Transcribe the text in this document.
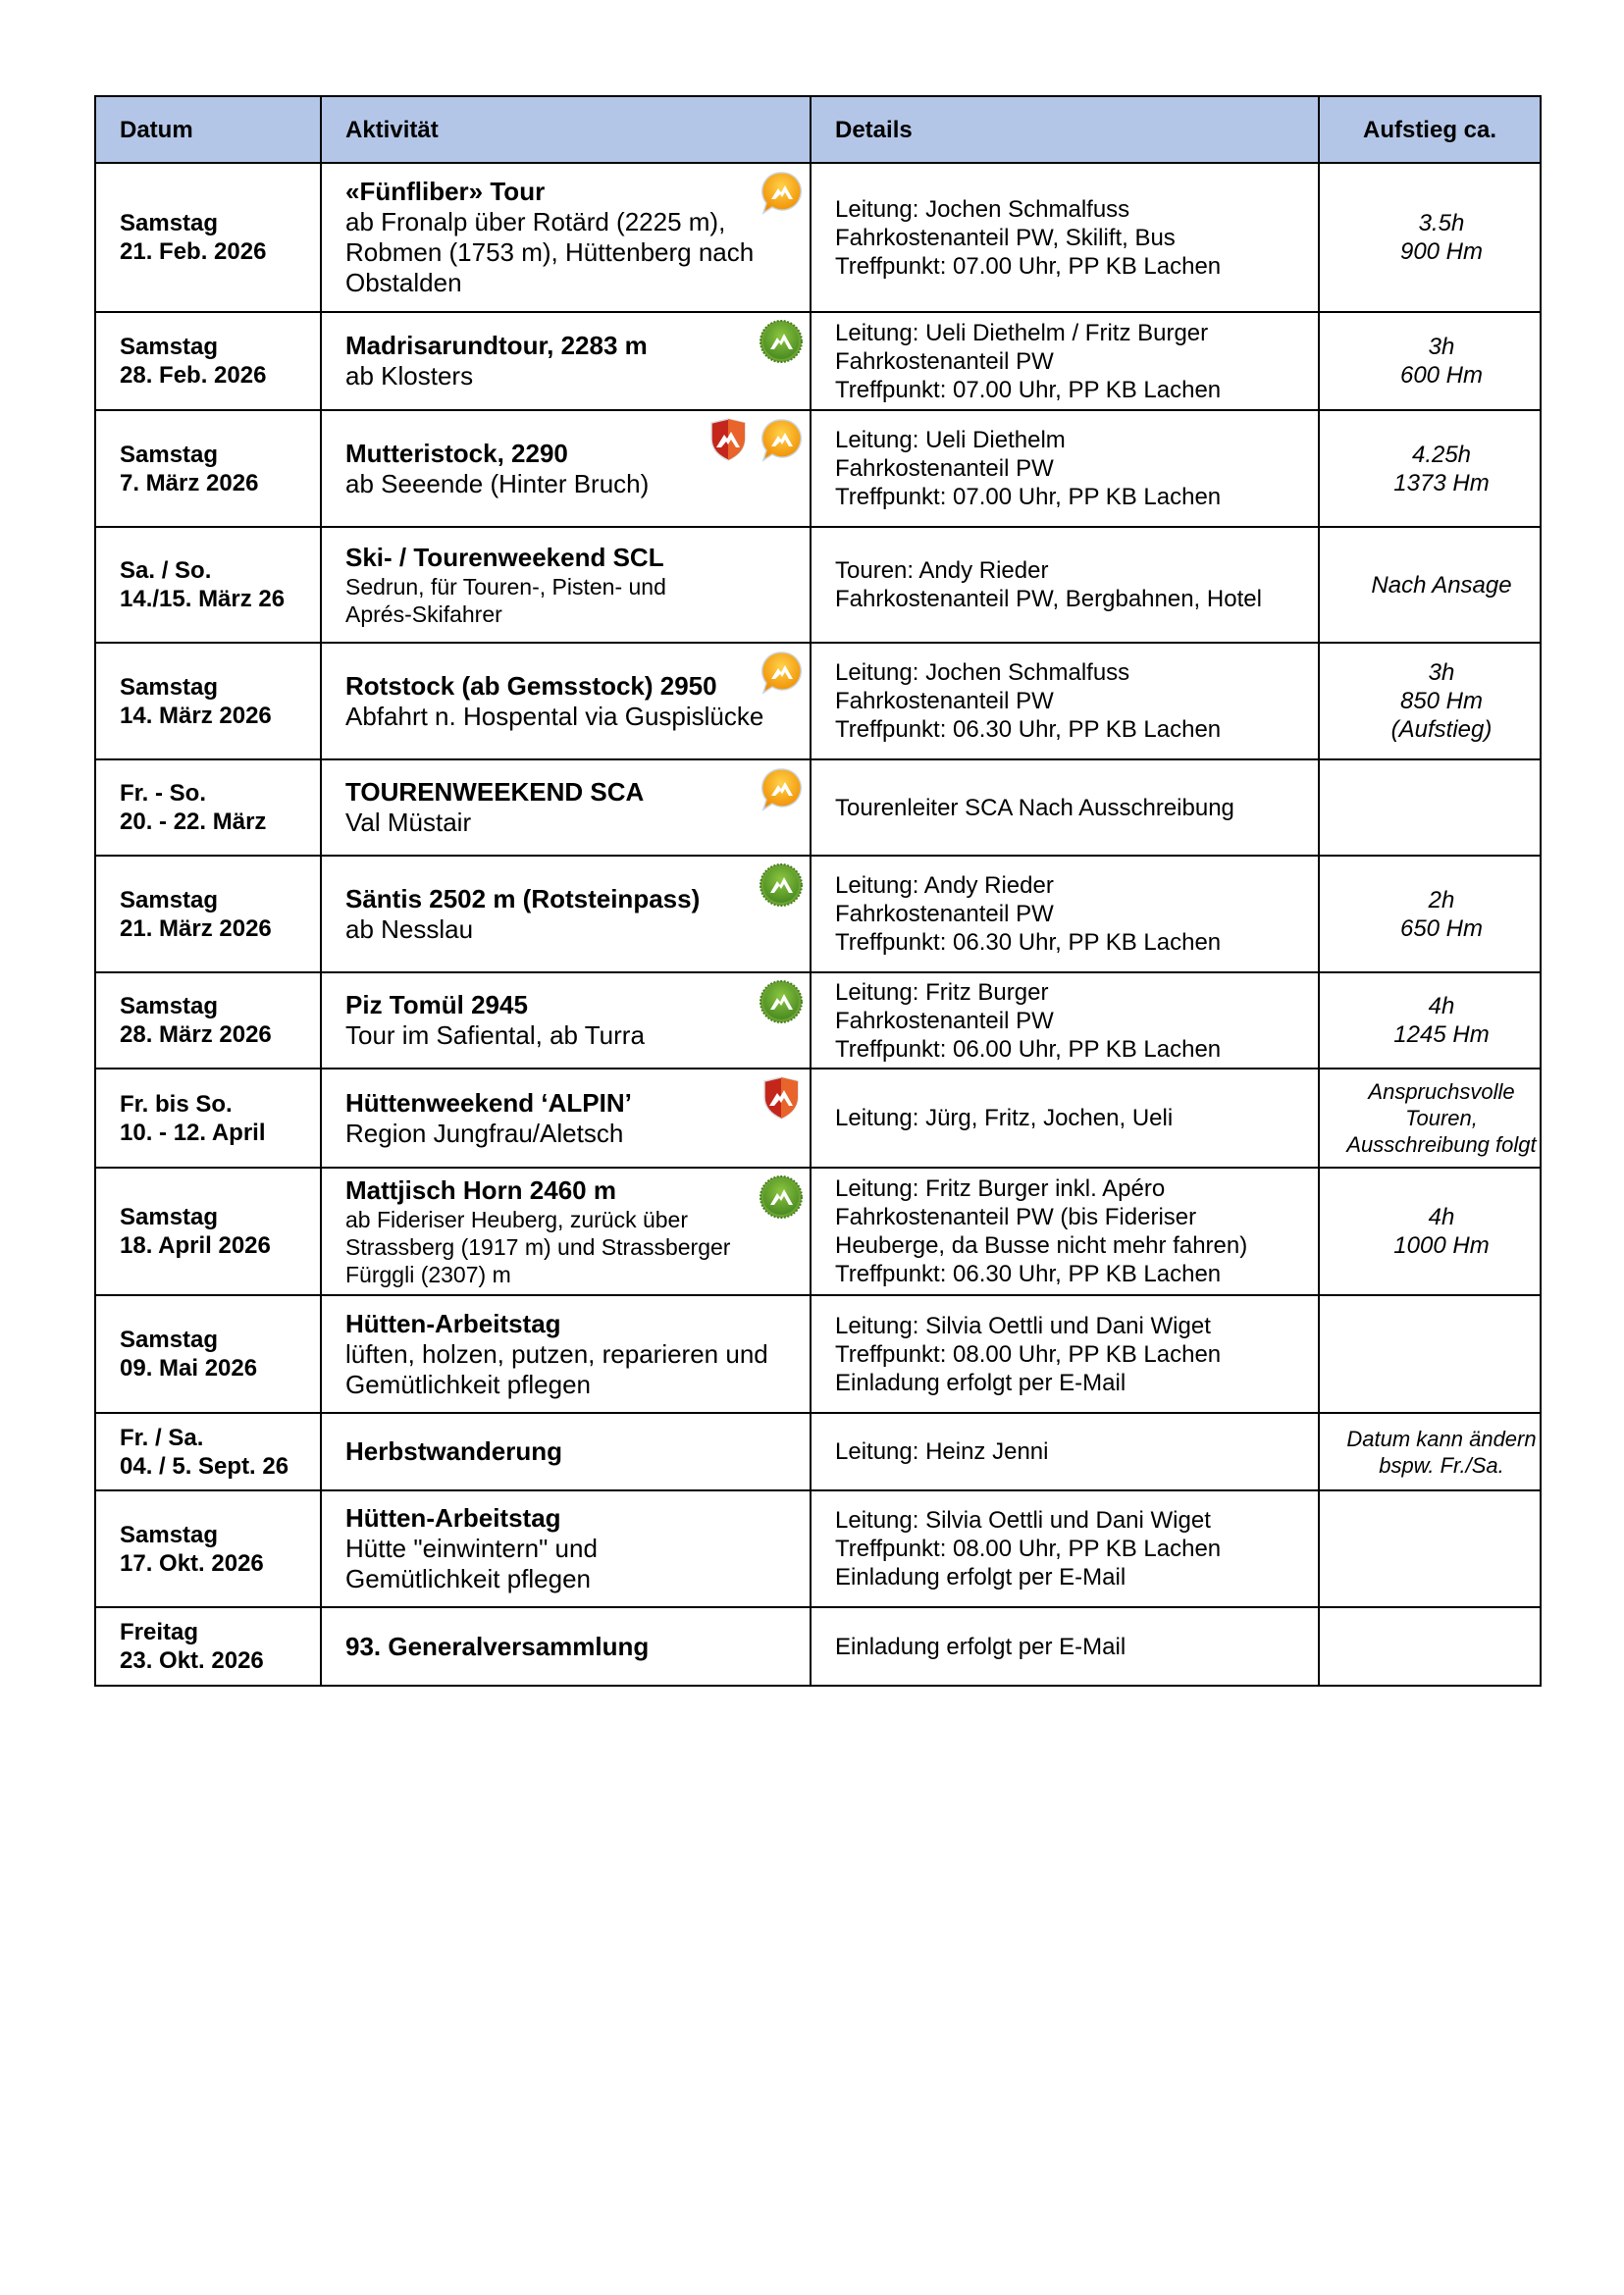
Datum	Aktivität	Details	Aufstieg ca.

Samstag
21. Feb. 2026	«Fünfliber» Tour
ab Fronalp über Rotärd (2225 m),
Robmen (1753 m), Hüttenberg nach
Obstalden	Leitung: Jochen Schmalfuss
Fahrkostenanteil PW, Skilift, Bus
Treffpunkt: 07.00 Uhr, PP KB Lachen	3.5h
900 Hm

Samstag
28. Feb. 2026	Madrisarundtour, 2283 m
ab Klosters	Leitung: Ueli Diethelm / Fritz Burger
Fahrkostenanteil PW
Treffpunkt: 07.00 Uhr, PP KB Lachen	3h
600 Hm

Samstag
7. März 2026	Mutteristock, 2290
ab Seeende (Hinter Bruch)	Leitung: Ueli Diethelm
Fahrkostenanteil PW
Treffpunkt: 07.00 Uhr, PP KB Lachen	4.25h
1373 Hm

Sa. / So.
14./15. März 26	Ski- / Tourenweekend SCL
Sedrun, für Touren-, Pisten- und
Aprés-Skifahrer	Touren: Andy Rieder
Fahrkostenanteil PW, Bergbahnen, Hotel	Nach Ansage

Samstag
14. März 2026	Rotstock (ab Gemsstock) 2950
Abfahrt n. Hospental via Guspislücke	Leitung: Jochen Schmalfuss
Fahrkostenanteil PW
Treffpunkt: 06.30 Uhr, PP KB Lachen	3h
850 Hm
(Aufstieg)

Fr. - So.
20. - 22. März	TOURENWEEKEND SCA
Val Müstair	Tourenleiter SCA Nach Ausschreibung	

Samstag
21. März 2026	Säntis 2502 m (Rotsteinpass)
ab Nesslau	Leitung: Andy Rieder
Fahrkostenanteil PW
Treffpunkt: 06.30 Uhr, PP KB Lachen	2h
650 Hm

Samstag
28. März 2026	Piz Tomül 2945
Tour im Safiental, ab Turra	Leitung: Fritz Burger
Fahrkostenanteil PW
Treffpunkt: 06.00 Uhr, PP KB Lachen	4h
1245 Hm

Fr. bis So.
10. - 12. April	Hüttenweekend ‘ALPIN’
Region Jungfrau/Aletsch	Leitung: Jürg, Fritz, Jochen, Ueli	Anspruchsvolle
Touren,
Ausschreibung folgt

Samstag
18. April 2026	Mattjisch Horn 2460 m
ab Fideriser Heuberg, zurück über
Strassberg (1917 m) und Strassberger
Fürggli (2307) m	Leitung: Fritz Burger inkl. Apéro
Fahrkostenanteil PW (bis Fideriser
Heuberge, da Busse nicht mehr fahren)
Treffpunkt: 06.30 Uhr, PP KB Lachen	4h
1000 Hm

Samstag
09. Mai 2026	Hütten-Arbeitstag
lüften, holzen, putzen, reparieren und
Gemütlichkeit pflegen	Leitung: Silvia Oettli und Dani Wiget
Treffpunkt: 08.00 Uhr, PP KB Lachen
Einladung erfolgt per E-Mail	

Fr. / Sa.
04. / 5. Sept. 26	Herbstwanderung	Leitung: Heinz Jenni	Datum kann ändern
bspw. Fr./Sa.

Samstag
17. Okt. 2026	Hütten-Arbeitstag
Hütte "einwintern" und
Gemütlichkeit pflegen	Leitung: Silvia Oettli und Dani Wiget
Treffpunkt: 08.00 Uhr, PP KB Lachen
Einladung erfolgt per E-Mail	

Freitag
23. Okt. 2026	93. Generalversammlung	Einladung erfolgt per E-Mail	
